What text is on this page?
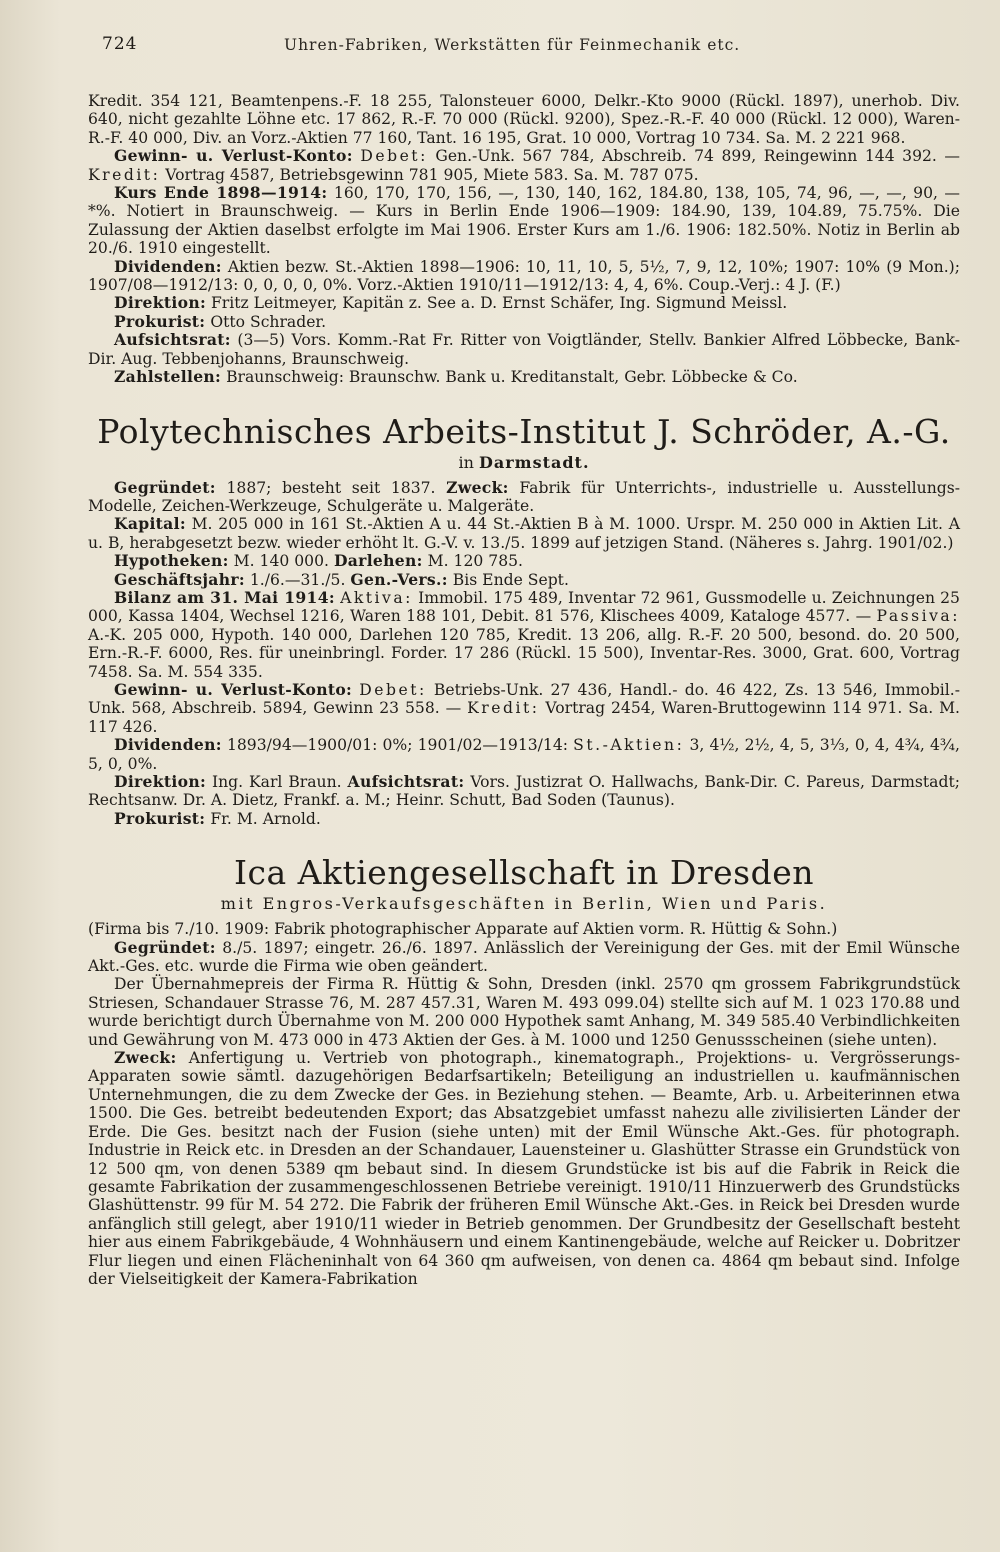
724	Uhren-Fabriken, Werkstätten für Feinmechanik etc.

Kredit. 354 121, Beamtenpens.-F. 18 255, Talonsteuer 6000, Delkr.-Kto 9000 (Rückl. 1897), unerhob. Div. 640, nicht gezahlte Löhne etc. 17 862, R.-F. 70 000 (Rückl. 9200), Spez.-R.-F. 40 000 (Rückl. 12 000), Waren-R.-F. 40 000, Div. an Vorz.-Aktien 77 160, Tant. 16 195, Grat. 10 000, Vortrag 10 734. Sa. M. 2 221 968.

Gewinn- u. Verlust-Konto: Debet: Gen.-Unk. 567 784, Abschreib. 74 899, Reingewinn 144 392. — Kredit: Vortrag 4587, Betriebsgewinn 781 905, Miete 583. Sa. M. 787 075.

Kurs Ende 1898—1914: 160, 170, 170, 156, —, 130, 140, 162, 184.80, 138, 105, 74, 96, —, —, 90, —*%. Notiert in Braunschweig. — Kurs in Berlin Ende 1906—1909: 184.90, 139, 104.89, 75.75%. Die Zulassung der Aktien daselbst erfolgte im Mai 1906. Erster Kurs am 1./6. 1906: 182.50%. Notiz in Berlin ab 20./6. 1910 eingestellt.

Dividenden: Aktien bezw. St.-Aktien 1898—1906: 10, 11, 10, 5, 5½, 7, 9, 12, 10%; 1907: 10% (9 Mon.); 1907/08—1912/13: 0, 0, 0, 0, 0%. Vorz.-Aktien 1910/11—1912/13: 4, 4, 6%. Coup.-Verj.: 4 J. (F.)

Direktion: Fritz Leitmeyer, Kapitän z. See a. D. Ernst Schäfer, Ing. Sigmund Meissl.

Prokurist: Otto Schrader.

Aufsichtsrat: (3—5) Vors. Komm.-Rat Fr. Ritter von Voigtländer, Stellv. Bankier Alfred Löbbecke, Bank-Dir. Aug. Tebbenjohanns, Braunschweig.

Zahlstellen: Braunschweig: Braunschw. Bank u. Kreditanstalt, Gebr. Löbbecke & Co.

Polytechnisches Arbeits-Institut J. Schröder, A.-G.
in Darmstadt.

Gegründet: 1887; besteht seit 1837. Zweck: Fabrik für Unterrichts-, industrielle u. Ausstellungs-Modelle, Zeichen-Werkzeuge, Schulgeräte u. Malgeräte.

Kapital: M. 205 000 in 161 St.-Aktien A u. 44 St.-Aktien B à M. 1000. Urspr. M. 250 000 in Aktien Lit. A u. B, herabgesetzt bezw. wieder erhöht lt. G.-V. v. 13./5. 1899 auf jetzigen Stand. (Näheres s. Jahrg. 1901/02.)

Hypotheken: M. 140 000. Darlehen: M. 120 785.

Geschäftsjahr: 1./6.—31./5. Gen.-Vers.: Bis Ende Sept.

Bilanz am 31. Mai 1914: Aktiva: Immobil. 175 489, Inventar 72 961, Gussmodelle u. Zeichnungen 25 000, Kassa 1404, Wechsel 1216, Waren 188 101, Debit. 81 576, Klischees 4009, Kataloge 4577. — Passiva: A.-K. 205 000, Hypoth. 140 000, Darlehen 120 785, Kredit. 13 206, allg. R.-F. 20 500, besond. do. 20 500, Ern.-R.-F. 6000, Res. für uneinbringl. Forder. 17 286 (Rückl. 15 500), Inventar-Res. 3000, Grat. 600, Vortrag 7458. Sa. M. 554 335.

Gewinn- u. Verlust-Konto: Debet: Betriebs-Unk. 27 436, Handl.- do. 46 422, Zs. 13 546, Immobil.-Unk. 568, Abschreib. 5894, Gewinn 23 558. — Kredit: Vortrag 2454, Waren-Bruttogewinn 114 971. Sa. M. 117 426.

Dividenden: 1893/94—1900/01: 0%; 1901/02—1913/14: St.-Aktien: 3, 4½, 2½, 4, 5, 3⅓, 0, 4, 4¾, 4¾, 5, 0, 0%.

Direktion: Ing. Karl Braun. Aufsichtsrat: Vors. Justizrat O. Hallwachs, Bank-Dir. C. Pareus, Darmstadt; Rechtsanw. Dr. A. Dietz, Frankf. a. M.; Heinr. Schutt, Bad Soden (Taunus).

Prokurist: Fr. M. Arnold.

Ica Aktiengesellschaft in Dresden
mit Engros-Verkaufsgeschäften in Berlin, Wien und Paris.

(Firma bis 7./10. 1909: Fabrik photographischer Apparate auf Aktien vorm. R. Hüttig & Sohn.)

Gegründet: 8./5. 1897; eingetr. 26./6. 1897. Anlässlich der Vereinigung der Ges. mit der Emil Wünsche Akt.-Ges. etc. wurde die Firma wie oben geändert.

Der Übernahmepreis der Firma R. Hüttig & Sohn, Dresden (inkl. 2570 qm grossem Fabrikgrundstück Striesen, Schandauer Strasse 76, M. 287 457.31, Waren M. 493 099.04) stellte sich auf M. 1 023 170.88 und wurde berichtigt durch Übernahme von M. 200 000 Hypothek samt Anhang, M. 349 585.40 Verbindlichkeiten und Gewährung von M. 473 000 in 473 Aktien der Ges. à M. 1000 und 1250 Genussscheinen (siehe unten).

Zweck: Anfertigung u. Vertrieb von photograph., kinematograph., Projektions- u. Vergrösserungs-Apparaten sowie sämtl. dazugehörigen Bedarfsartikeln; Beteiligung an industriellen u. kaufmännischen Unternehmungen, die zu dem Zwecke der Ges. in Beziehung stehen. — Beamte, Arb. u. Arbeiterinnen etwa 1500. Die Ges. betreibt bedeutenden Export; das Absatzgebiet umfasst nahezu alle zivilisierten Länder der Erde. Die Ges. besitzt nach der Fusion (siehe unten) mit der Emil Wünsche Akt.-Ges. für photograph. Industrie in Reick etc. in Dresden an der Schandauer, Lauensteiner u. Glashütter Strasse ein Grundstück von 12 500 qm, von denen 5389 qm bebaut sind. In diesem Grundstücke ist bis auf die Fabrik in Reick die gesamte Fabrikation der zusammengeschlossenen Betriebe vereinigt. 1910/11 Hinzuerwerb des Grundstücks Glashüttenstr. 99 für M. 54 272. Die Fabrik der früheren Emil Wünsche Akt.-Ges. in Reick bei Dresden wurde anfänglich still gelegt, aber 1910/11 wieder in Betrieb genommen. Der Grundbesitz der Gesellschaft besteht hier aus einem Fabrikgebäude, 4 Wohnhäusern und einem Kantinengebäude, welche auf Reicker u. Dobritzer Flur liegen und einen Flächeninhalt von 64 360 qm aufweisen, von denen ca. 4864 qm bebaut sind. Infolge der Vielseitigkeit der Kamera-Fabrikation
